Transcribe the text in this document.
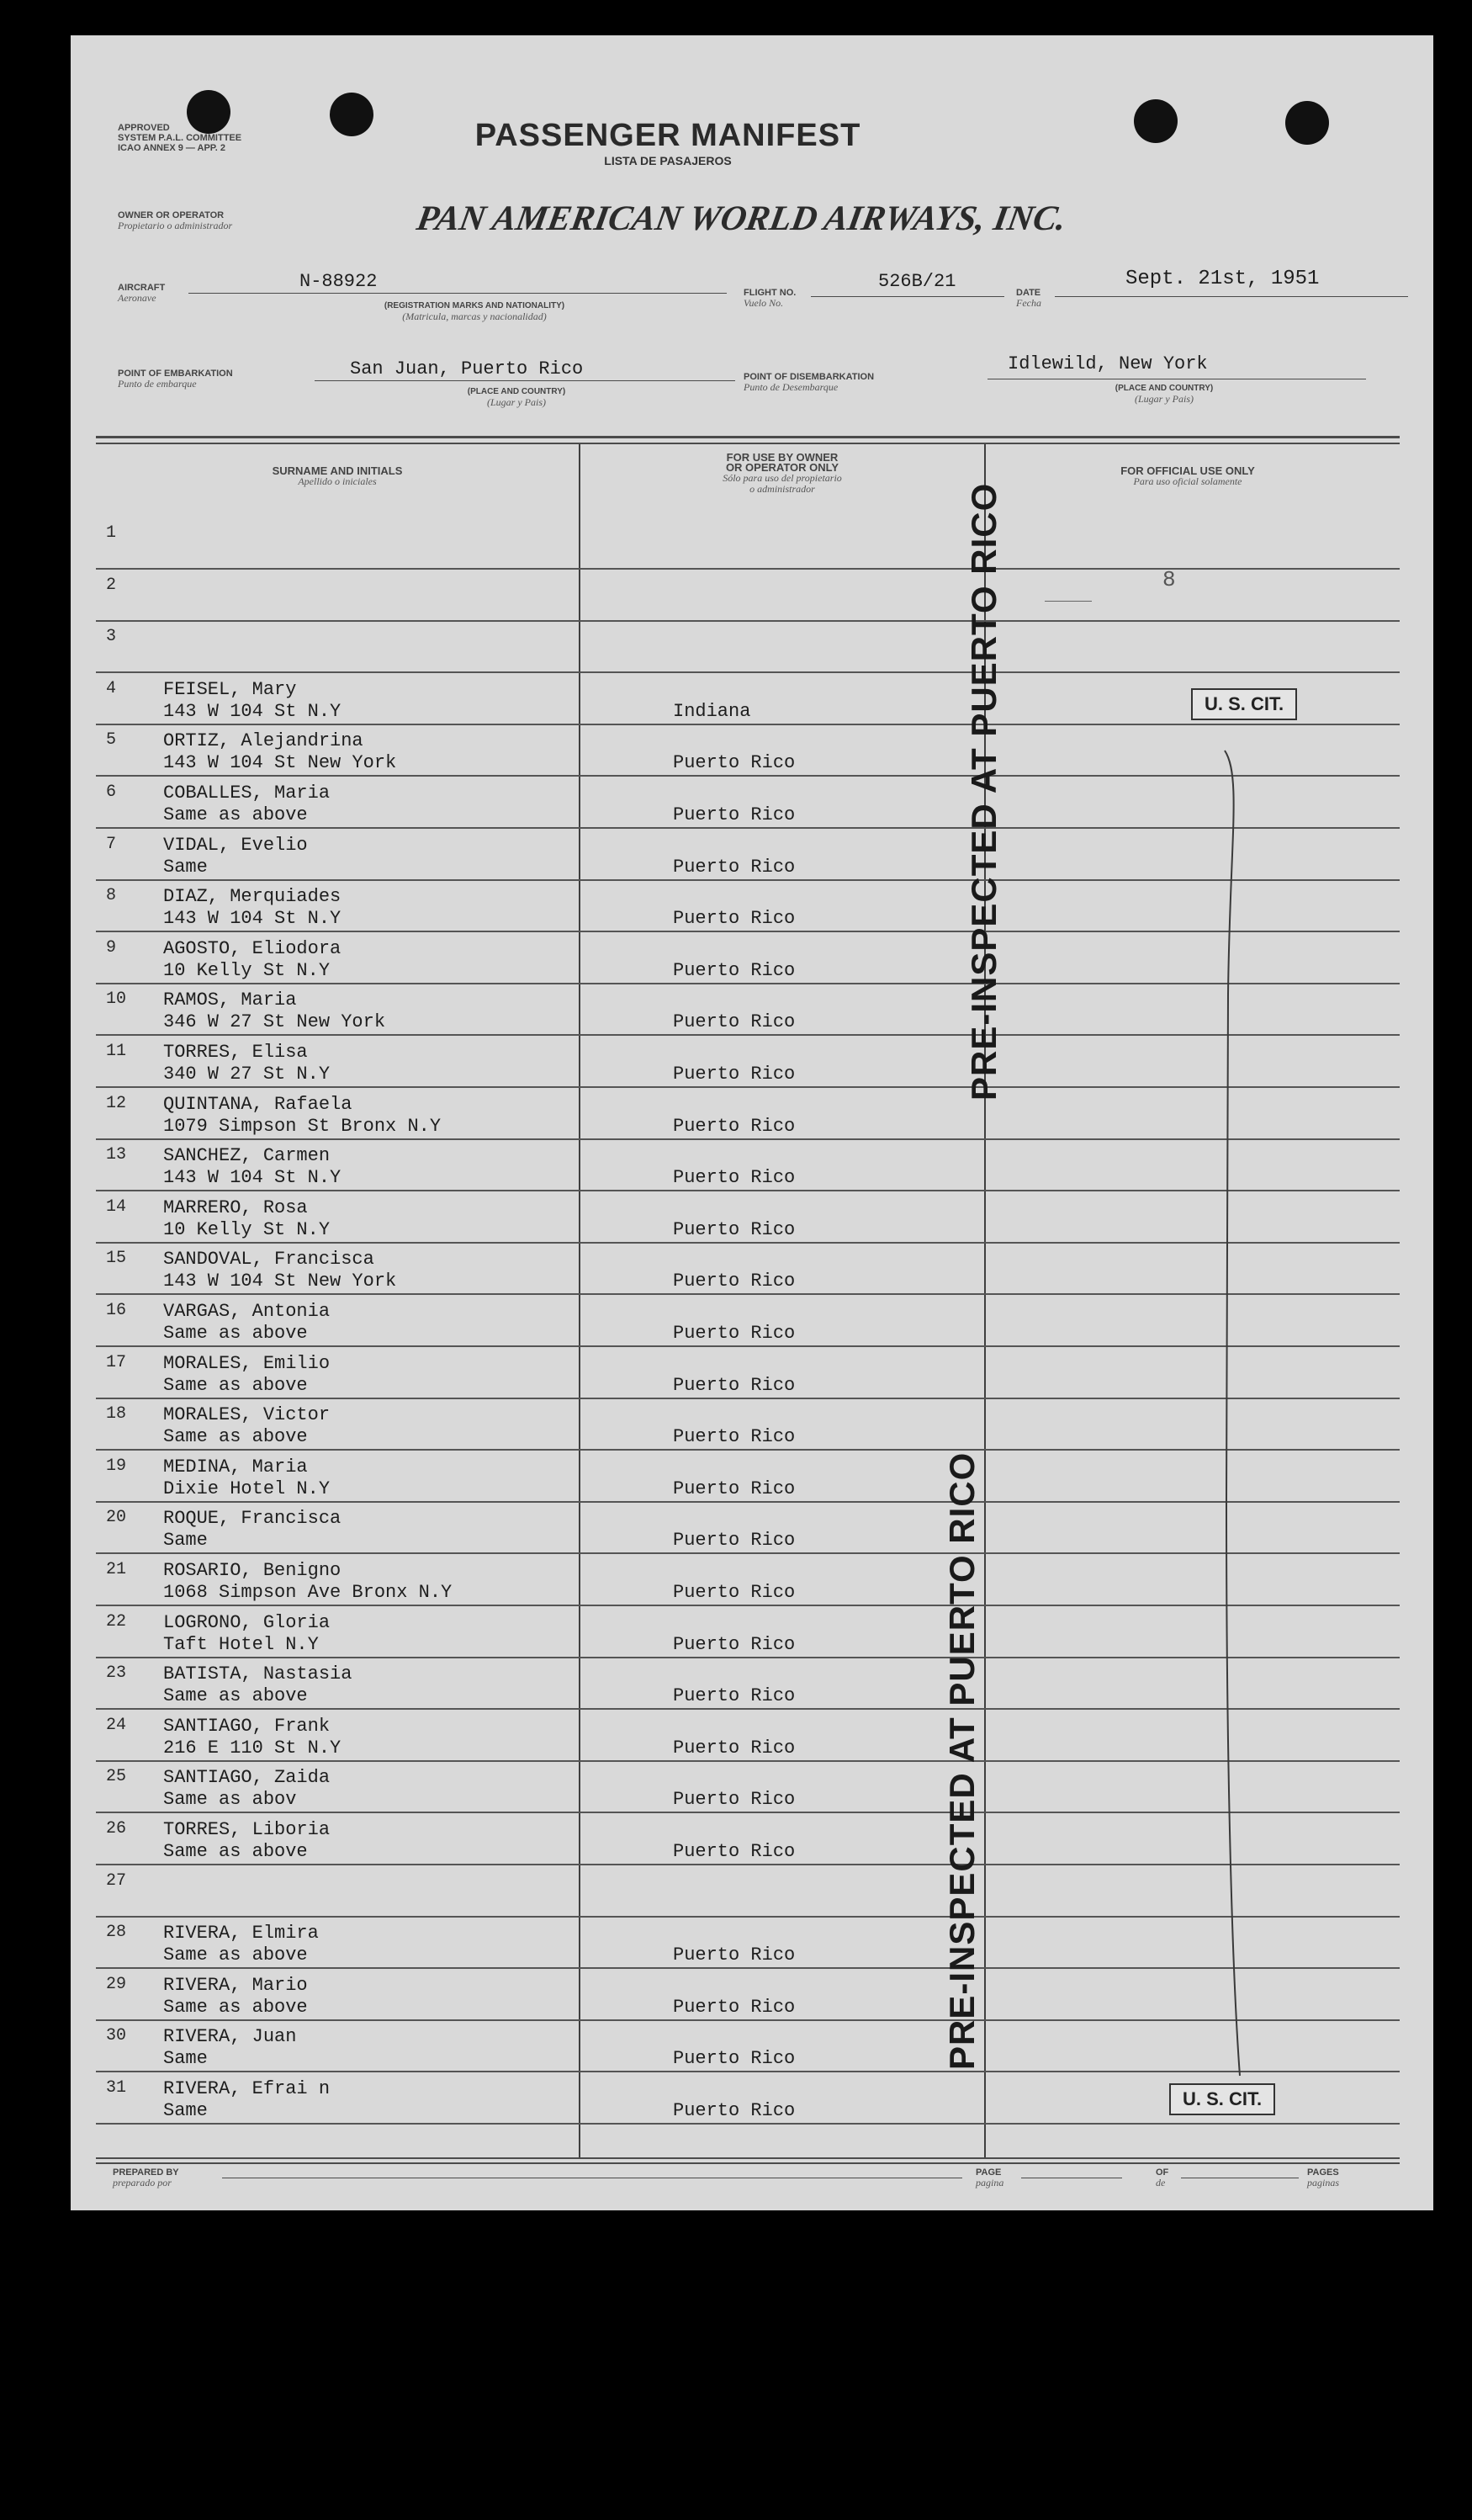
APPROVED
SYSTEM P.A.L. COMMITTEE
ICAO ANNEX 9 — APP. 2	PASSENGER MANIFEST
LISTA DE PASAJEROS
OWNER OR OPERATOR
Propietario o administrador	PAN AMERICAN WORLD AIRWAYS, INC.
AIRCRAFT
Aeronave
N-88922
(REGISTRATION MARKS AND NATIONALITY)
(Matricula, marcas y nacionalidad)
FLIGHT NO.
Vuelo No.
526B/21
DATE
Fecha
Sept. 21st, 1951
POINT OF EMBARKATION
Punto de embarque
San Juan, Puerto Rico
(PLACE AND COUNTRY)
(Lugar y Pais)
POINT OF DISEMBARKATION
Punto de Desembarque
Idlewild, New York
(PLACE AND COUNTRY)
(Lugar y Pais)
SURNAME AND INITIALS
Apellido o iniciales
FOR USE BY OWNER
OR OPERATOR ONLY
Sólo para uso del propietario
o administrador
FOR OFFICIAL USE ONLY
Para uso oficial solamente
1
2
3
4	FEISEL, Mary
143 W 104 St N.Y	Indiana
5	ORTIZ, Alejandrina
143 W 104 St New York	Puerto Rico
6	COBALLES, Maria
Same as above	Puerto Rico
7	VIDAL, Evelio
Same	Puerto Rico
8	DIAZ, Merquiades
143 W 104 St N.Y	Puerto Rico
9	AGOSTO, Eliodora
10 Kelly St N.Y	Puerto Rico
10 RAMOS, Maria
346 W 27 St New York	Puerto Rico
11 TORRES, Elisa
340 W 27 St N.Y	Puerto Rico
12 QUINTANA, Rafaela
1079 Simpson St Bronx N.Y	Puerto Rico
13 SANCHEZ, Carmen
143 W 104 St N.Y	Puerto Rico
14 MARRERO, Rosa
10 Kelly St N.Y	Puerto Rico
15 SANDOVAL, Francisca
143 W 104 St New York	Puerto Rico
16 VARGAS, Antonia
Same as above	Puerto Rico
17 MORALES, Emilio
Same as above	Puerto Rico
18 MORALES, Victor
Same as above	Puerto Rico
19 MEDINA, Maria
Dixie Hotel N.Y	Puerto Rico
20 ROQUE, Francisca
Same	Puerto Rico
21 ROSARIO, Benigno
1068 Simpson Ave Bronx N.Y	Puerto Rico
22 LOGRONO, Gloria
Taft Hotel N.Y	Puerto Rico
23 BATISTA, Nastasia
Same as above	Puerto Rico
24 SANTIAGO, Frank
216 E 110 St N.Y	Puerto Rico
25 SANTIAGO, Zaida
Same as abov	Puerto Rico
26 TORRES, Liboria
Same as above	Puerto Rico
27
28 RIVERA, Elmira
Same as above	Puerto Rico
29 RIVERA, Mario
Same as above	Puerto Rico
30 RIVERA, Juan
Same	Puerto Rico
31 RIVERA, Efrai n
Same	Puerto Rico
8
U. S. CIT.
U. S. CIT.
PRE-INSPECTED AT PUERTO RICO
PRE-INSPECTED AT PUERTO RICO
PREPARED BY
preparado por
PAGE
pagina
OF
de
PAGES
paginas
